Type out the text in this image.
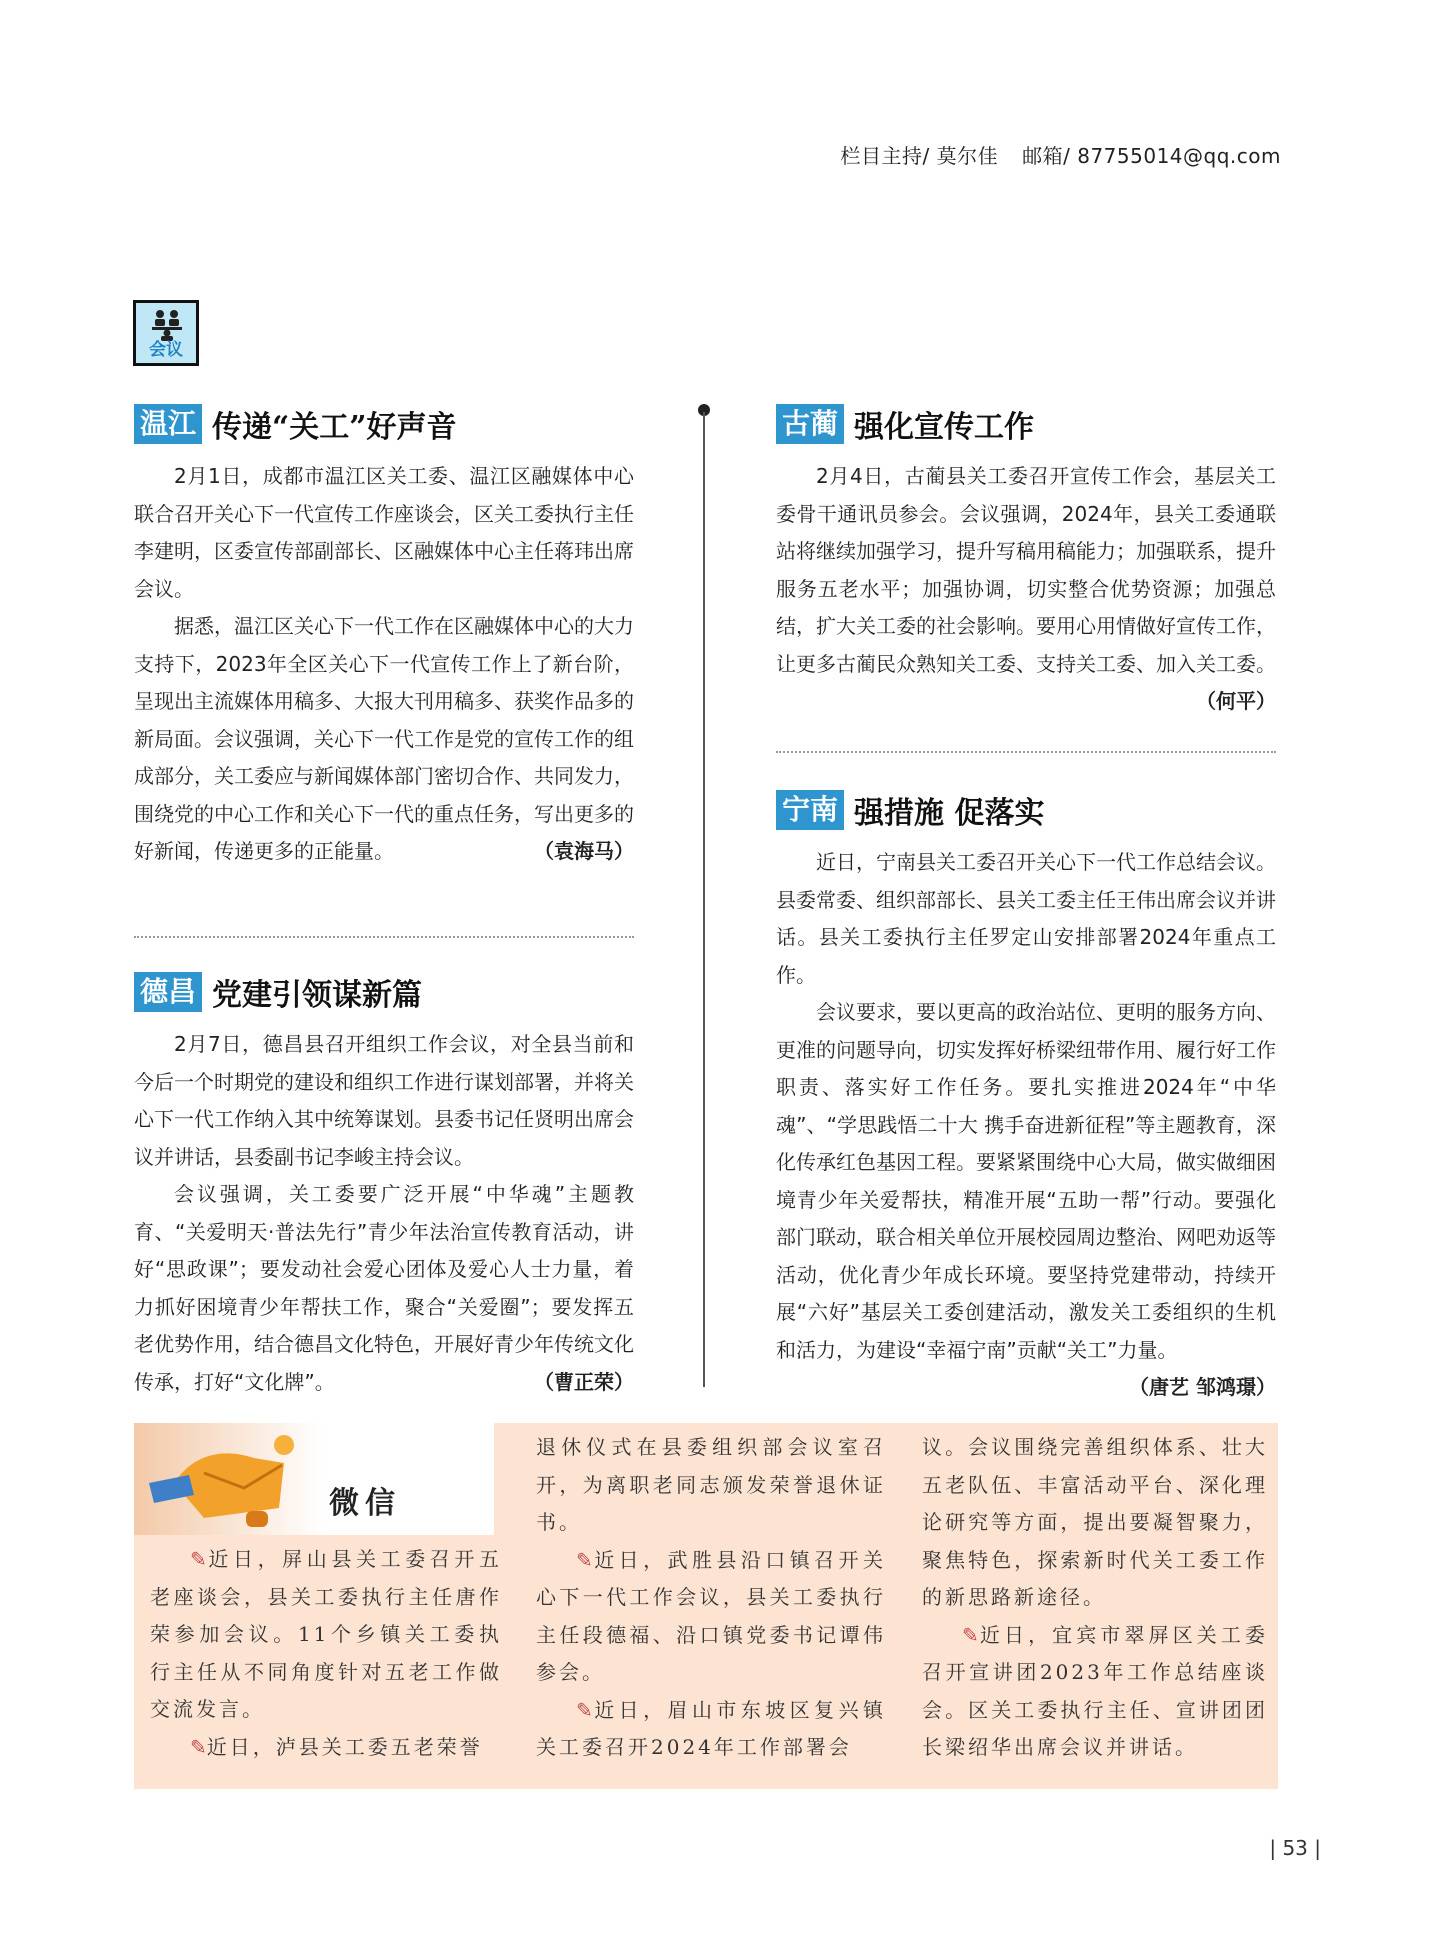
栏目主持/ 莫尔佳 邮箱/ 87755014@qq.com
会议
温江 传递“关工”好声音

2月1日，成都市温江区关工委、温江区融媒体中心联合召开关心下一代宣传工作座谈会，区关工委执行主任李建明，区委宣传部副部长、区融媒体中心主任蒋玮出席会议。

据悉，温江区关心下一代工作在区融媒体中心的大力支持下，2023年全区关心下一代宣传工作上了新台阶，呈现出主流媒体用稿多、大报大刊用稿多、获奖作品多的新局面。会议强调，关心下一代工作是党的宣传工作的组成部分，关工委应与新闻媒体部门密切合作、共同发力，围绕党的中心工作和关心下一代的重点任务，写出更多的好新闻，传递更多的正能量。	（袁海马）

德昌 党建引领谋新篇

2月7日，德昌县召开组织工作会议，对全县当前和今后一个时期党的建设和组织工作进行谋划部署，并将关心下一代工作纳入其中统筹谋划。县委书记任贤明出席会议并讲话，县委副书记李峻主持会议。

会议强调，关工委要广泛开展“中华魂”主题教育、“关爱明天·普法先行”青少年法治宣传教育活动，讲好“思政课”；要发动社会爱心团体及爱心人士力量，着力抓好困境青少年帮扶工作，聚合“关爱圈”；要发挥五老优势作用，结合德昌文化特色，开展好青少年传统文化传承，打好“文化牌”。	（曹正荣）

古蔺 强化宣传工作

2月4日，古蔺县关工委召开宣传工作会，基层关工委骨干通讯员参会。会议强调，2024年，县关工委通联站将继续加强学习，提升写稿用稿能力；加强联系，提升服务五老水平；加强协调，切实整合优势资源；加强总结，扩大关工委的社会影响。要用心用情做好宣传工作，让更多古蔺民众熟知关工委、支持关工委、加入关工委。
（何平）

宁南 强措施 促落实

近日，宁南县关工委召开关心下一代工作总结会议。县委常委、组织部部长、县关工委主任王伟出席会议并讲话。县关工委执行主任罗定山安排部署2024年重点工作。

会议要求，要以更高的政治站位、更明的服务方向、更准的问题导向，切实发挥好桥梁纽带作用、履行好工作职责、落实好工作任务。要扎实推进2024年“中华魂”、“学思践悟二十大 携手奋进新征程”等主题教育，深化传承红色基因工程。要紧紧围绕中心大局，做实做细困境青少年关爱帮扶，精准开展“五助一帮”行动。要强化部门联动，联合相关单位开展校园周边整治、网吧劝返等活动，优化青少年成长环境。要坚持党建带动，持续开展“六好”基层关工委创建活动，激发关工委组织的生机和活力，为建设“幸福宁南”贡献“关工”力量。
（唐艺 邹鸿璟）

微信

✎近日，屏山县关工委召开五老座谈会，县关工委执行主任唐作荣参加会议。11个乡镇关工委执行主任从不同角度针对五老工作做交流发言。

✎近日，泸县关工委五老荣誉

退休仪式在县委组织部会议室召开，为离职老同志颁发荣誉退休证书。

✎近日，武胜县沿口镇召开关心下一代工作会议，县关工委执行主任段德福、沿口镇党委书记谭伟参会。

✎近日，眉山市东坡区复兴镇关工委召开2024年工作部署会

议。会议围绕完善组织体系、壮大五老队伍、丰富活动平台、深化理论研究等方面，提出要凝智聚力，聚焦特色，探索新时代关工委工作的新思路新途径。

✎近日，宜宾市翠屏区关工委召开宣讲团2023年工作总结座谈会。区关工委执行主任、宣讲团团长梁绍华出席会议并讲话。

| 53 |
